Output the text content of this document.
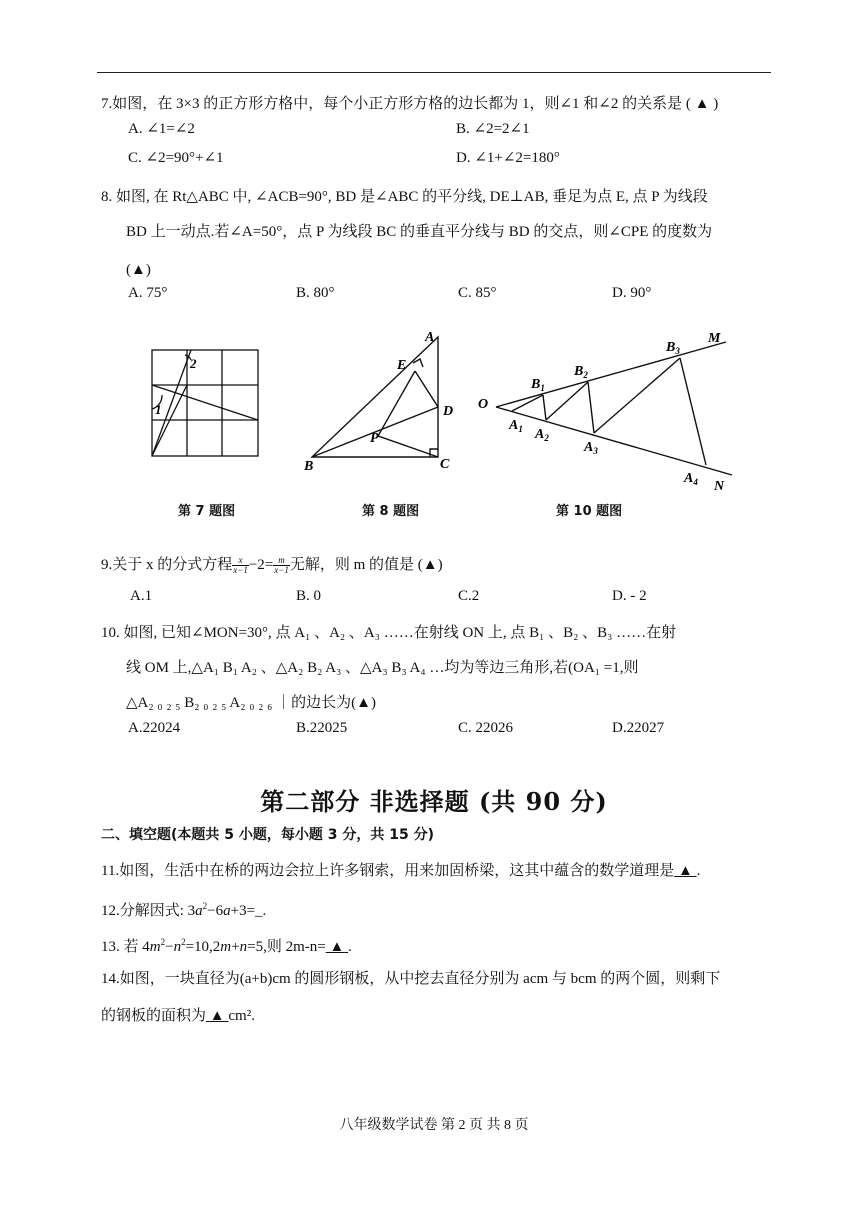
7.如图，在 3×3 的正方形方格中，每个小正方形方格的边长都为 1，则∠1 和∠2 的关系是 ( ▲ )
A. ∠1=∠2	B. ∠2=2∠1
C. ∠2=90°+∠1	D. ∠1+∠2=180°
8. 如图, 在 Rt△ABC 中, ∠ACB=90°, BD 是∠ABC 的平分线, DE⊥AB, 垂足为点 E, 点 P 为线段
BD 上一动点.若∠A=50°，点 P 为线段 BC 的垂直平分线与 BD 的交点，则∠CPE 的度数为
(▲)
A. 75°	B. 80°	C. 85°	D. 90°
1
2
A
B	C
D
E
P
O
M
N
$A_1$ $A_2$
$A_3$
$A_4$
$B_1$
$B_2$
$B_3$
第 7 题图	第 8 题图	第 10 题图
9.关于 x 的分式方程 $\frac{x}{x-1} -2= \frac{m}{x-1}$ 无解，则 m 的值是 (▲)
A.1	B. 0	C.2	D. - 2
10. 如图, 已知∠MON=30°, 点 A₁ 、A₂ 、A₃ ……在射线 ON 上, 点 B₁ 、B₂ 、B₃ ……在射
线 OM 上,△A₁ B₁ A₂ 、△A₂ B₂ A₃ 、△A₃ B₃ A₄ …均为等边三角形,若(OA₁ =1,则
△A₂ ₀ ₂ ₅ B₂ ₀ ₂ ₅ A₂ ₀ ₂ ₆ ｜的边长为(▲)
A.22024	B.22025	C. 22026	D.22027
第二部分 非选择题 (共 90 分)
二、填空题(本题共 5 小题，每小题 3 分，共 15 分)
11.如图，生活中在桥的两边会拉上许多钢索，用来加固桥梁，这其中蕴含的数学道理是 ▲ .
12.分解因式: $3a^2-6a+3=\_$.
13. 若 $4m^2-n^2=10,2m+n=5$,则 2m-n= ▲ .
14.如图，一块直径为(a+b)cm 的圆形钢板，从中挖去直径分别为 acm 与 bcm 的两个圆，则剩下
的钢板的面积为 ▲ cm².
八年级数学试卷 第 2 页 共 8 页
